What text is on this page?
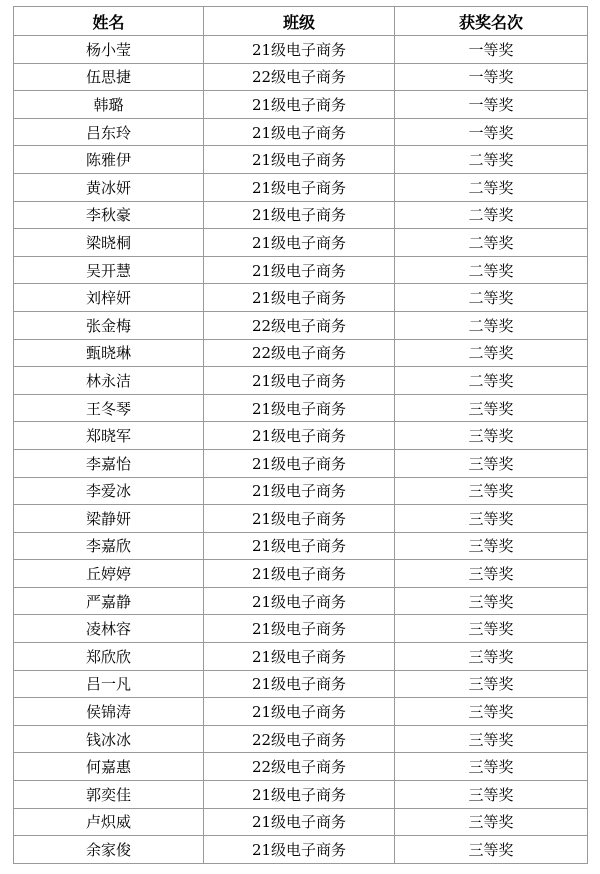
姓名	班级	获奖名次
杨小莹	21级电子商务	一等奖
伍思捷	22级电子商务	一等奖
韩璐	21级电子商务	一等奖
吕东玲	21级电子商务	一等奖
陈雅伊	21级电子商务	二等奖
黄冰妍	21级电子商务	二等奖
李秋豪	21级电子商务	二等奖
梁晓桐	21级电子商务	二等奖
吴开慧	21级电子商务	二等奖
刘梓妍	21级电子商务	二等奖
张金梅	22级电子商务	二等奖
甄晓琳	22级电子商务	二等奖
林永洁	21级电子商务	二等奖
王冬琴	21级电子商务	三等奖
郑晓军	21级电子商务	三等奖
李嘉怡	21级电子商务	三等奖
李爱冰	21级电子商务	三等奖
梁静妍	21级电子商务	三等奖
李嘉欣	21级电子商务	三等奖
丘婷婷	21级电子商务	三等奖
严嘉静	21级电子商务	三等奖
凌林容	21级电子商务	三等奖
郑欣欣	21级电子商务	三等奖
吕一凡	21级电子商务	三等奖
侯锦涛	21级电子商务	三等奖
钱冰冰	22级电子商务	三等奖
何嘉惠	22级电子商务	三等奖
郭奕佳	21级电子商务	三等奖
卢炽威	21级电子商务	三等奖
余家俊	21级电子商务	三等奖
